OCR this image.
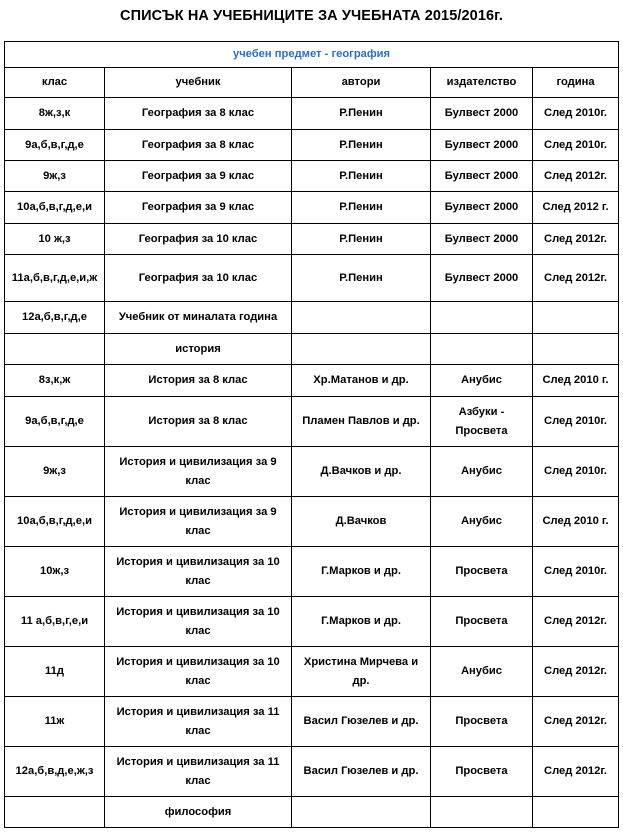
СПИСЪК НА УЧЕБНИЦИТЕ ЗА УЧЕБНАТА 2015/2016г.
учебен предмет - география				
клас	учебник	автори	издателство	година
8ж,з,к	География за 8 клас	Р.Пенин	Булвест 2000	След 2010г.
9а,б,в,г,д,е	География за 8 клас	Р.Пенин	Булвест 2000	След 2010г.
9ж,з	География за 9 клас	Р.Пенин	Булвест 2000	След 2012г.
10а,б,в,г,д,е,и	География за 9 клас	Р.Пенин	Булвест 2000	След 2012 г.
10 ж,з	География за 10 клас	Р.Пенин	Булвест 2000	След 2012г.
11а,б,в,г,д,е,и,ж	География за 10 клас	Р.Пенин	Булвест 2000	След 2012г.
12а,б,в,г,д,е	Учебник от миналата година			
	история			
8з,к,ж	История за 8 клас	Хр.Матанов и др.	Анубис	След 2010 г.
9а,б,в,г,д,е	История за 8 клас	Пламен Павлов и др.	Азбуки - Просвета	След 2010г.
9ж,з	История и цивилизация за 9 клас	Д.Вачков и др.	Анубис	След 2010г.
10а,б,в,г,д,е,и	История и цивилизация за 9 клас	Д.Вачков	Анубис	След 2010 г.
10ж,з	История и цивилизация за 10 клас	Г.Марков и др.	Просвета	След 2010г.
11 а,б,в,г,е,и	История и цивилизация за 10 клас	Г.Марков и др.	Просвета	След 2012г.
11д	История и цивилизация за 10 клас	Христина Мирчева и др.	Анубис	След 2012г.
11ж	История и цивилизация за 11 клас	Васил Гюзелев и др.	Просвета	След 2012г.
12а,б,в,д,е,ж,з	История и цивилизация за 11 клас	Васил Гюзелев и др.	Просвета	След 2012г.
	философия			
